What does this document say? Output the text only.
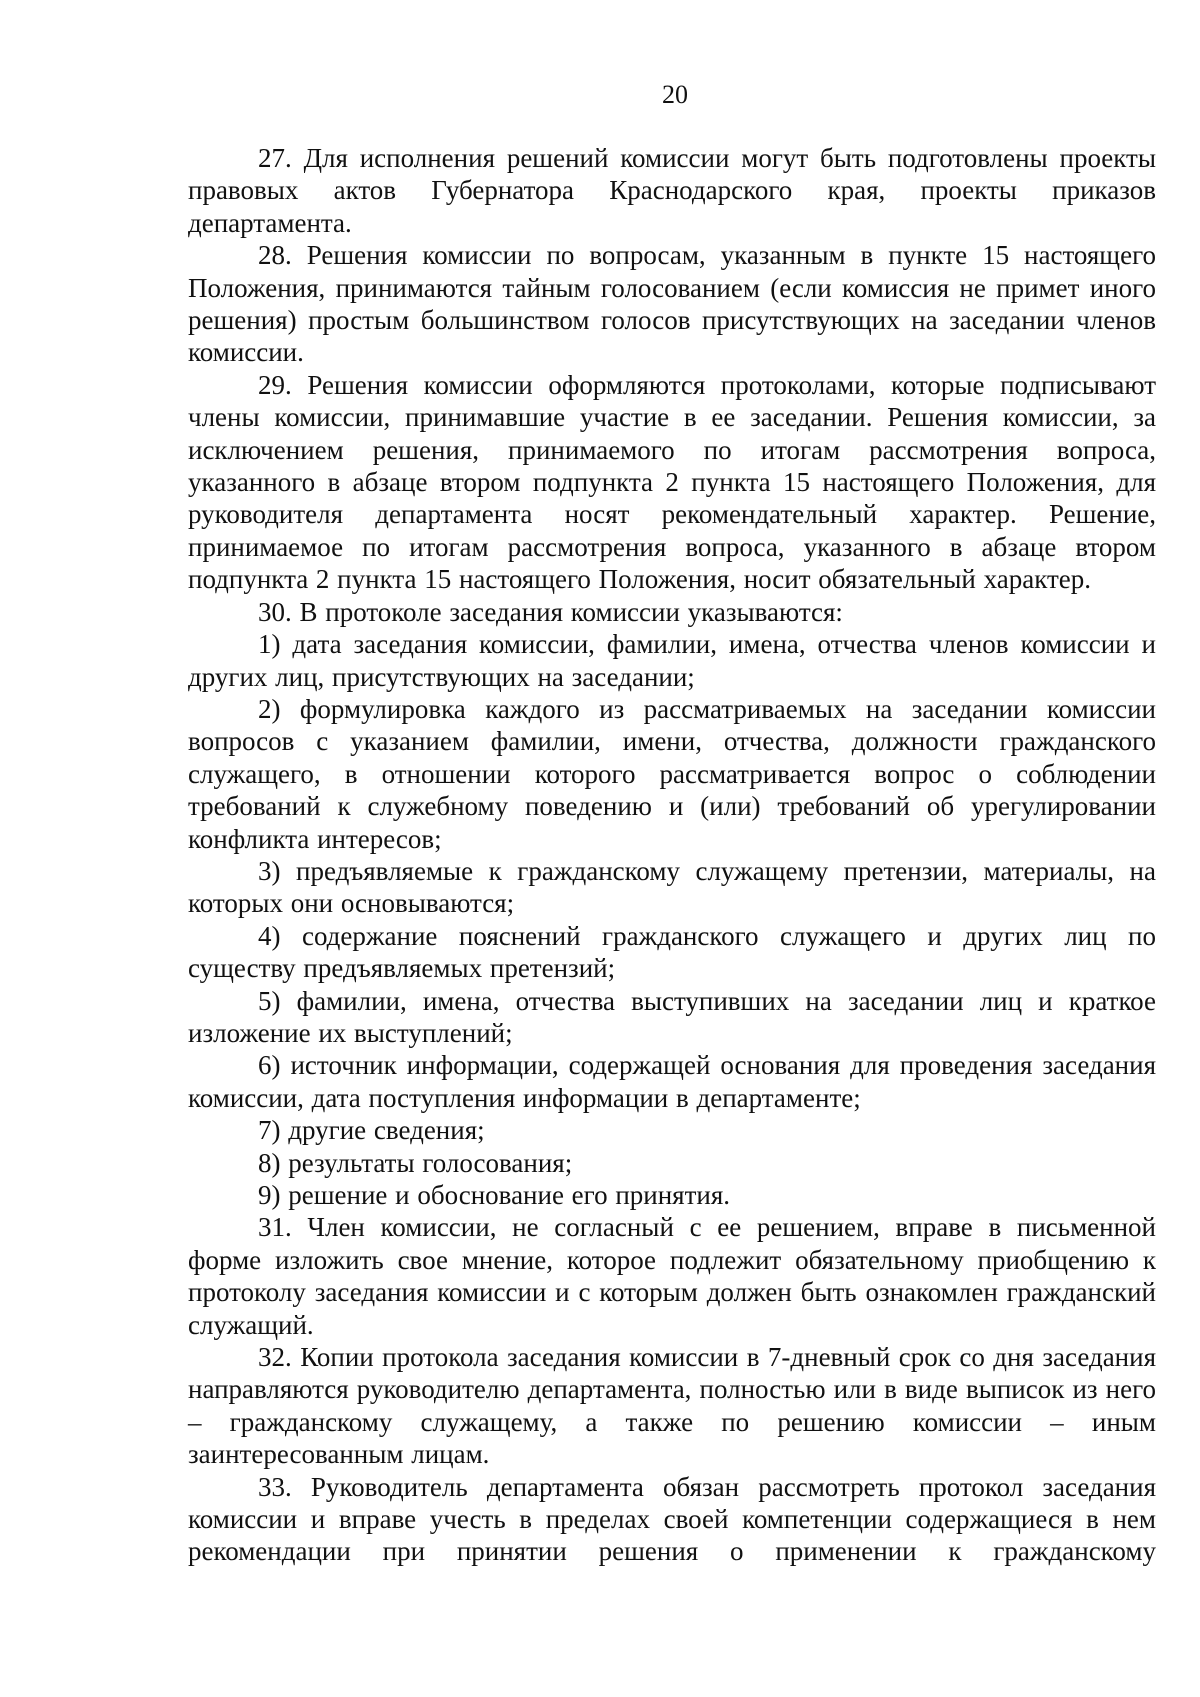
20

27. Для исполнения решений комиссии могут быть подготовлены проекты правовых актов Губернатора Краснодарского края, проекты приказов департамента.

28. Решения комиссии по вопросам, указанным в пункте 15 настоящего Положения, принимаются тайным голосованием (если комиссия не примет иного решения) простым большинством голосов присутствующих на заседании членов комиссии.

29. Решения комиссии оформляются протоколами, которые подписывают члены комиссии, принимавшие участие в ее заседании. Решения комиссии, за исключением решения, принимаемого по итогам рассмотрения вопроса, указанного в абзаце втором подпункта 2 пункта 15 настоящего Положения, для руководителя департамента носят рекомендательный характер. Решение, принимаемое по итогам рассмотрения вопроса, указанного в абзаце втором подпункта 2 пункта 15 настоящего Положения, носит обязательный характер.

30. В протоколе заседания комиссии указываются:

1) дата заседания комиссии, фамилии, имена, отчества членов комиссии и других лиц, присутствующих на заседании;

2) формулировка каждого из рассматриваемых на заседании комиссии вопросов с указанием фамилии, имени, отчества, должности гражданского служащего, в отношении которого рассматривается вопрос о соблюдении требований к служебному поведению и (или) требований об урегулировании конфликта интересов;

3) предъявляемые к гражданскому служащему претензии, материалы, на которых они основываются;

4) содержание пояснений гражданского служащего и других лиц по существу предъявляемых претензий;

5) фамилии, имена, отчества выступивших на заседании лиц и краткое изложение их выступлений;

6) источник информации, содержащей основания для проведения заседания комиссии, дата поступления информации в департаменте;

7) другие сведения;

8) результаты голосования;

9) решение и обоснование его принятия.

31. Член комиссии, не согласный с ее решением, вправе в письменной форме изложить свое мнение, которое подлежит обязательному приобщению к протоколу заседания комиссии и с которым должен быть ознакомлен гражданский служащий.

32. Копии протокола заседания комиссии в 7-дневный срок со дня заседания направляются руководителю департамента, полностью или в виде выписок из него – гражданскому служащему, а также по решению комиссии – иным заинтересованным лицам.

33. Руководитель департамента обязан рассмотреть протокол заседания комиссии и вправе учесть в пределах своей компетенции содержащиеся в нем рекомендации при принятии решения о применении к гражданскому
